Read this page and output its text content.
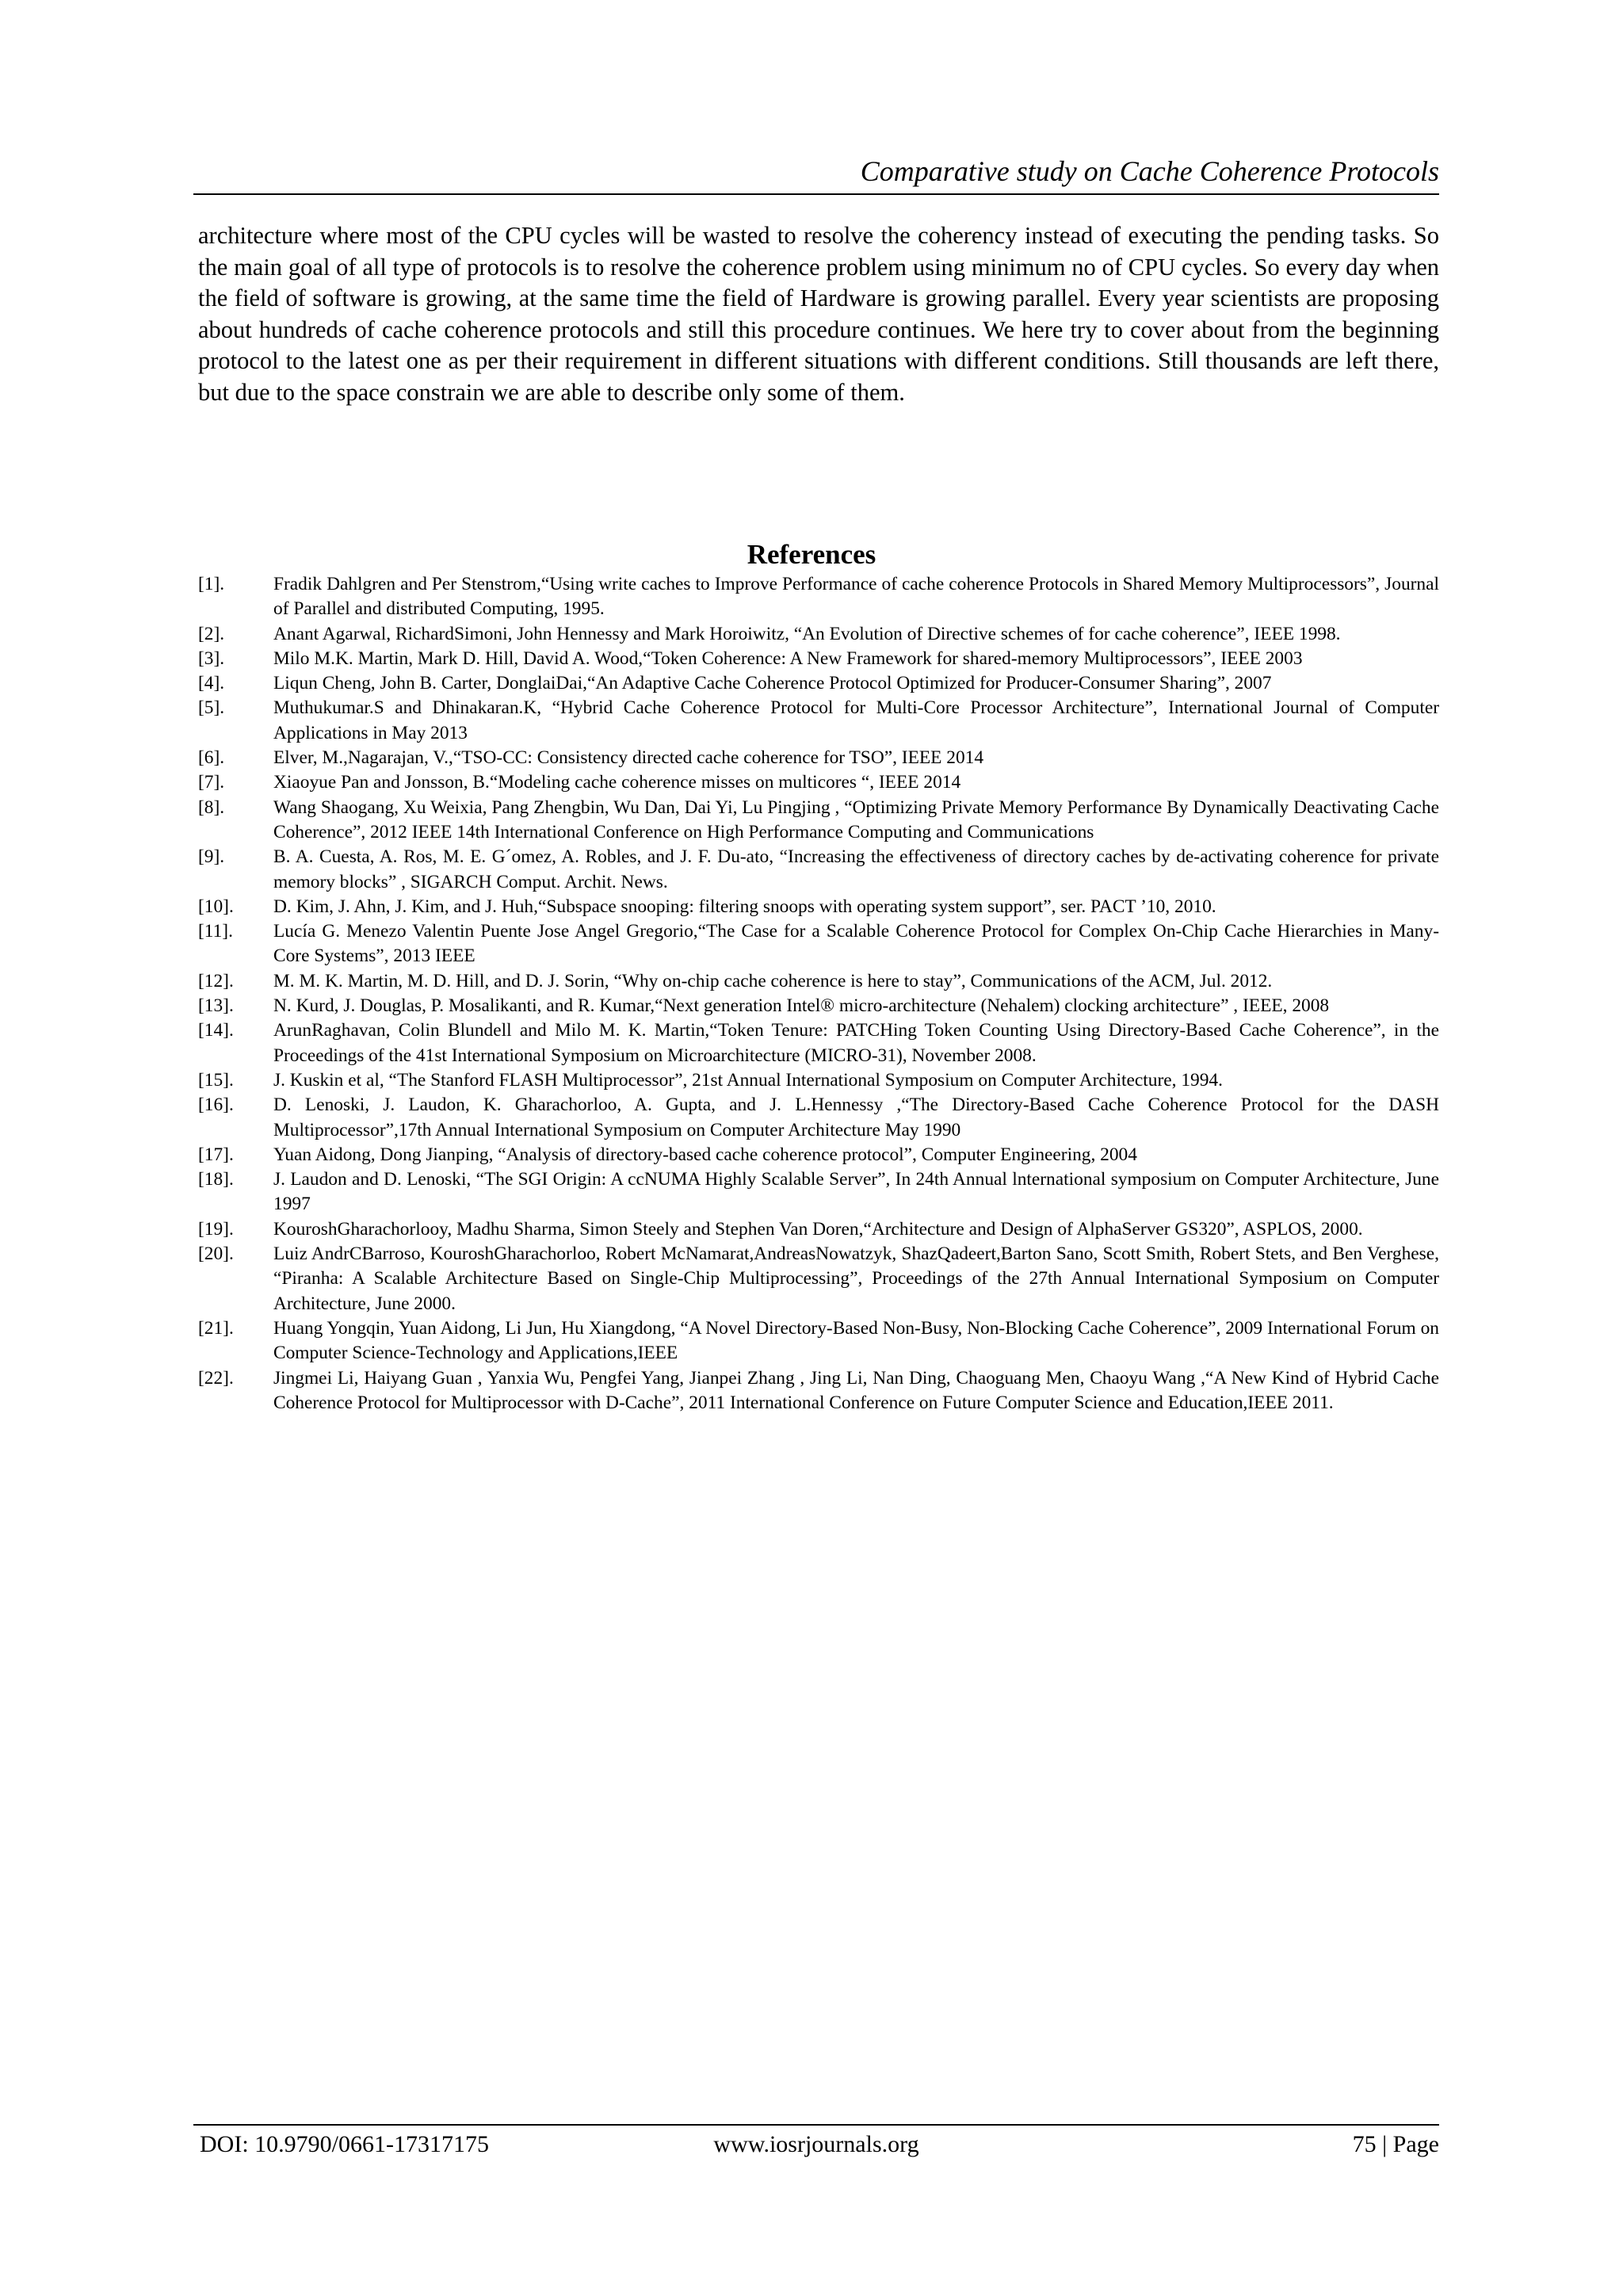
Comparative study on Cache Coherence Protocols
architecture where most of the CPU cycles will be wasted to resolve the coherency instead of executing the pending tasks. So the main goal of all type of protocols is to resolve the coherence problem using minimum no of CPU cycles. So every day when the field of software is growing, at the same time the field of Hardware is growing parallel. Every year scientists are proposing about hundreds of cache coherence protocols and still this procedure continues. We here try to cover about from the beginning protocol to the latest one as per their requirement in different situations with different conditions. Still thousands are left there, but due to the space constrain we are able to describe only some of them.
References
[1].	Fradik Dahlgren and Per Stenstrom,“Using write caches to Improve Performance of cache coherence Protocols in Shared Memory Multiprocessors”, Journal of Parallel and distributed Computing, 1995.
[2].	Anant Agarwal, RichardSimoni, John Hennessy and Mark Horoiwitz, “An Evolution of Directive schemes of for cache coherence”, IEEE 1998.
[3].	Milo M.K. Martin, Mark D. Hill, David A. Wood,“Token Coherence: A New Framework for shared-memory Multiprocessors”, IEEE 2003
[4].	Liqun Cheng, John B. Carter, DonglaiDai,“An Adaptive Cache Coherence Protocol Optimized for Producer-Consumer Sharing”, 2007
[5].	Muthukumar.S and Dhinakaran.K, “Hybrid Cache Coherence Protocol for Multi-Core Processor Architecture”, International Journal of Computer Applications in May 2013
[6].	Elver, M.,Nagarajan, V.,“TSO-CC: Consistency directed cache coherence for TSO”, IEEE 2014
[7].	Xiaoyue Pan and Jonsson, B.“Modeling cache coherence misses on multicores “, IEEE 2014
[8].	Wang Shaogang, Xu Weixia, Pang Zhengbin, Wu Dan, Dai Yi, Lu Pingjing , “Optimizing Private Memory Performance By Dynamically Deactivating Cache Coherence”, 2012 IEEE 14th International Conference on High Performance Computing and Communications
[9].	B. A. Cuesta, A. Ros, M. E. G´omez, A. Robles, and J. F. Du-ato, “Increasing the effectiveness of directory caches by de-activating coherence for private memory blocks” , SIGARCH Comput. Archit. News.
[10].	D. Kim, J. Ahn, J. Kim, and J. Huh,“Subspace snooping: filtering snoops with operating system support”, ser. PACT ’10, 2010.
[11].	Lucía G. Menezo Valentin Puente Jose Angel Gregorio,“The Case for a Scalable Coherence Protocol for Complex On-Chip Cache Hierarchies in Many-Core Systems”, 2013 IEEE
[12].	M. M. K. Martin, M. D. Hill, and D. J. Sorin, “Why on-chip cache coherence is here to stay”, Communications of the ACM, Jul. 2012.
[13].	N. Kurd, J. Douglas, P. Mosalikanti, and R. Kumar,“Next generation Intel® micro-architecture (Nehalem) clocking architecture” , IEEE, 2008
[14].	ArunRaghavan, Colin Blundell and Milo M. K. Martin,“Token Tenure: PATCHing Token Counting Using Directory-Based Cache Coherence”, in the Proceedings of the 41st International Symposium on Microarchitecture (MICRO-31), November 2008.
[15].	J. Kuskin et al, “The Stanford FLASH Multiprocessor”, 21st Annual International Symposium on Computer Architecture, 1994.
[16].	D. Lenoski, J. Laudon, K. Gharachorloo, A. Gupta, and J. L.Hennessy ,“The Directory-Based Cache Coherence Protocol for the DASH Multiprocessor”,17th Annual International Symposium on Computer Architecture May 1990
[17].	Yuan Aidong, Dong Jianping, “Analysis of directory-based cache coherence protocol”, Computer Engineering, 2004
[18].	J. Laudon and D. Lenoski, “The SGI Origin: A ccNUMA Highly Scalable Server”, In 24th Annual lnternational symposium on Computer Architecture, June 1997
[19].	KouroshGharachorlooy, Madhu Sharma, Simon Steely and Stephen Van Doren,“Architecture and Design of AlphaServer GS320”, ASPLOS, 2000.
[20].	Luiz AndrCBarroso, KouroshGharachorloo, Robert McNamarat,AndreasNowatzyk, ShazQadeert,Barton Sano, Scott Smith, Robert Stets, and Ben Verghese, “Piranha: A Scalable Architecture Based on Single-Chip Multiprocessing”, Proceedings of the 27th Annual International Symposium on Computer Architecture, June 2000.
[21].	Huang Yongqin, Yuan Aidong, Li Jun, Hu Xiangdong, “A Novel Directory-Based Non-Busy, Non-Blocking Cache Coherence”, 2009 International Forum on Computer Science-Technology and Applications,IEEE
[22].	Jingmei Li, Haiyang Guan , Yanxia Wu, Pengfei Yang, Jianpei Zhang , Jing Li, Nan Ding, Chaoguang Men, Chaoyu Wang ,“A New Kind of Hybrid Cache Coherence Protocol for Multiprocessor with D-Cache”, 2011 International Conference on Future Computer Science and Education,IEEE 2011.
DOI: 10.9790/0661-17317175	www.iosrjournals.org	75 | Page
